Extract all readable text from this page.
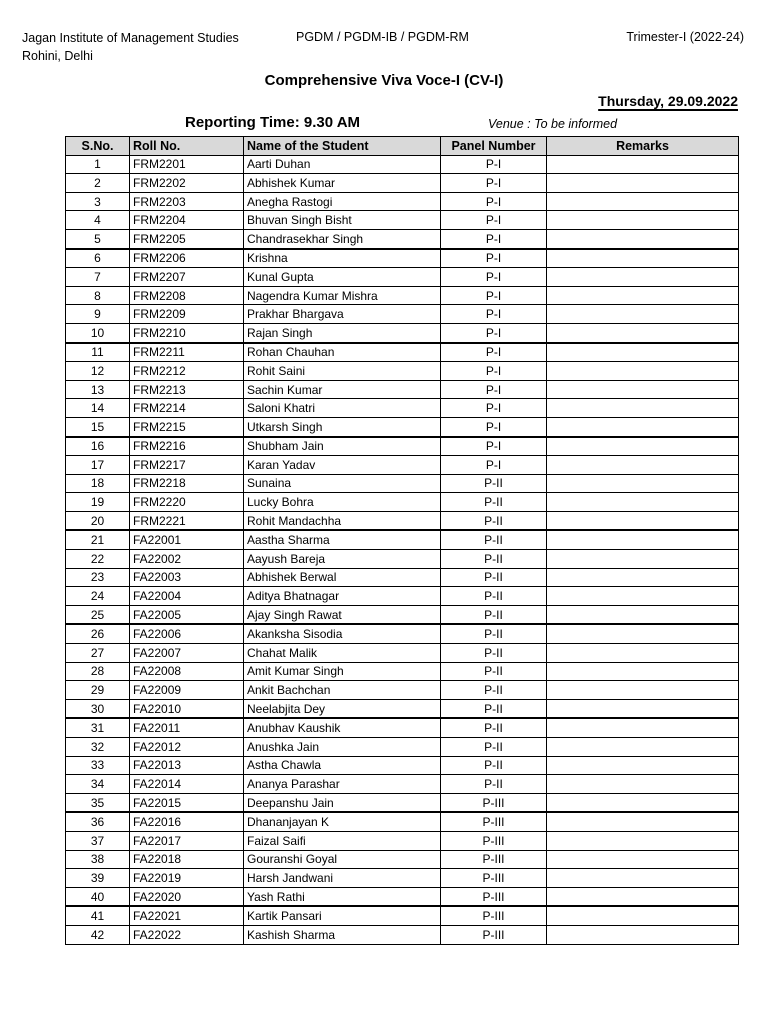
Jagan Institute of Management Studies
Rohini, Delhi
PGDM / PGDM-IB / PGDM-RM	Trimester-I (2022-24)
Comprehensive Viva Voce-I (CV-I)
Thursday, 29.09.2022
Reporting Time: 9.30 AM	Venue : To be informed
S.No.	Roll No.	Name of the Student	Panel Number	Remarks
1	FRM2201	Aarti Duhan	P-I	
2	FRM2202	Abhishek Kumar	P-I	
3	FRM2203	Anegha Rastogi	P-I	
4	FRM2204	Bhuvan Singh Bisht	P-I	
5	FRM2205	Chandrasekhar Singh	P-I	
6	FRM2206	Krishna	P-I	
7	FRM2207	Kunal Gupta	P-I	
8	FRM2208	Nagendra Kumar Mishra	P-I	
9	FRM2209	Prakhar Bhargava	P-I	
10	FRM2210	Rajan Singh	P-I	
11	FRM2211	Rohan Chauhan	P-I	
12	FRM2212	Rohit Saini	P-I	
13	FRM2213	Sachin Kumar	P-I	
14	FRM2214	Saloni Khatri	P-I	
15	FRM2215	Utkarsh Singh	P-I	
16	FRM2216	Shubham Jain	P-I	
17	FRM2217	Karan Yadav	P-I	
18	FRM2218	Sunaina	P-II	
19	FRM2220	Lucky Bohra	P-II	
20	FRM2221	Rohit Mandachha	P-II	
21	FA22001	Aastha Sharma	P-II	
22	FA22002	Aayush Bareja	P-II	
23	FA22003	Abhishek Berwal	P-II	
24	FA22004	Aditya Bhatnagar	P-II	
25	FA22005	Ajay Singh Rawat	P-II	
26	FA22006	Akanksha Sisodia	P-II	
27	FA22007	Chahat Malik	P-II	
28	FA22008	Amit Kumar Singh	P-II	
29	FA22009	Ankit Bachchan	P-II	
30	FA22010	Neelabjita Dey	P-II	
31	FA22011	Anubhav Kaushik	P-II	
32	FA22012	Anushka Jain	P-II	
33	FA22013	Astha Chawla	P-II	
34	FA22014	Ananya Parashar	P-II	
35	FA22015	Deepanshu Jain	P-III	
36	FA22016	Dhananjayan K	P-III	
37	FA22017	Faizal Saifi	P-III	
38	FA22018	Gouranshi Goyal	P-III	
39	FA22019	Harsh Jandwani	P-III	
40	FA22020	Yash Rathi	P-III	
41	FA22021	Kartik Pansari	P-III	
42	FA22022	Kashish Sharma	P-III	
